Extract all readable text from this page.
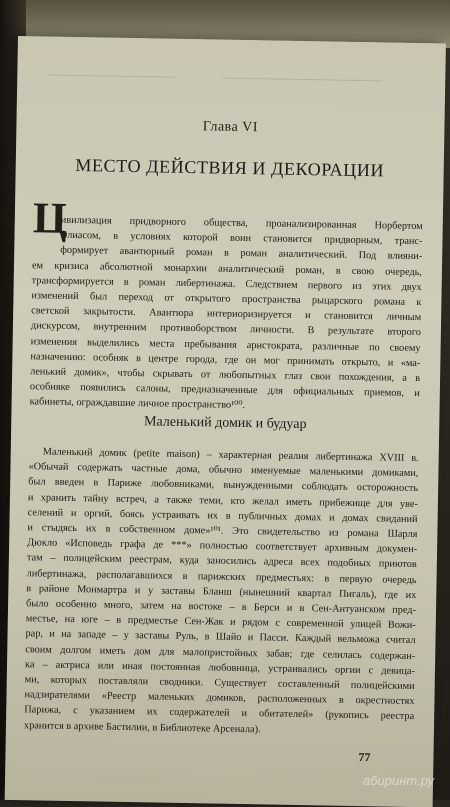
Глава VI
МЕСТО ДЕЙСТВИЯ И ДЕКОРАЦИИ
Ц
ивилизация придворного общества, проанализированная Норбертом
Элиасом, в условиях которой воин становится придворным, транс-
формирует авантюрный роман в роман аналитический. Под влияни-
ем кризиса абсолютной монархии аналитический роман, в свою очередь,
трансформируется в роман либертинажа. Следствием первого из этих двух
изменений был переход от открытого пространства рыцарского романа к
светской закрытости. Авантюра интериоризируется и становится личным
дискурсом, внутренним противоборством личности. В результате второго
изменения выделились места пребывания аристократа, различные по своему
назначению: особняк в центре города, где он мог принимать открыто, и «ма-
ленький домик», чтобы скрывать от любопытных глаз свои похождения, а в
особняке появились салоны, предназначенные для официальных приемов, и
кабинеты, ограждавшие личное пространство¹⁰⁰.
Маленький домик и будуар
Маленький домик (petite maison) – характерная реалия либертинажа XVIII в.
«Обычай содержать частные дома, обычно именуемые маленькими домиками,
был введен в Париже любовниками, вынужденными соблюдать осторожность
и хранить тайну встреч, а также теми, кто желал иметь прибежище для уве-
селений и оргий, боясь устраивать их в публичных домах и домах свиданий
и стыдясь их в собственном доме»¹⁰¹. Это свидетельство из романа Шарля
Дюкло «Исповедь графа де ***» полностью соответствует архивным докумен-
там – полицейским реестрам, куда заносились адреса всех подобных приютов
либертинажа, располагавшихся в парижских предместьях: в первую очередь
в районе Монмартра и у заставы Бланш (нынешний квартал Пигаль), где их
было особенно много, затем на востоке – в Берси и в Сен-Антуанском пред-
местье, на юге – в предместье Сен-Жак и рядом с современной улицей Вожи-
рар, и на западе – у заставы Руль, в Шайо и Пасси. Каждый вельможа считал
своим долгом иметь дом для малопристойных забав; где селилась содержан-
ка – актриса или иная постоянная любовница, устраивались оргии с девица-
ми, которых поставляли сводники. Существует составленный полицейскими
надзирателями «Реестр маленьких домиков, расположенных в окрестностях
Парижа, с указанием их содержателей и обитателей» (рукопись реестра
хранится в архиве Бастилии, в Библиотеке Арсенала).
77
абиринт.ру
